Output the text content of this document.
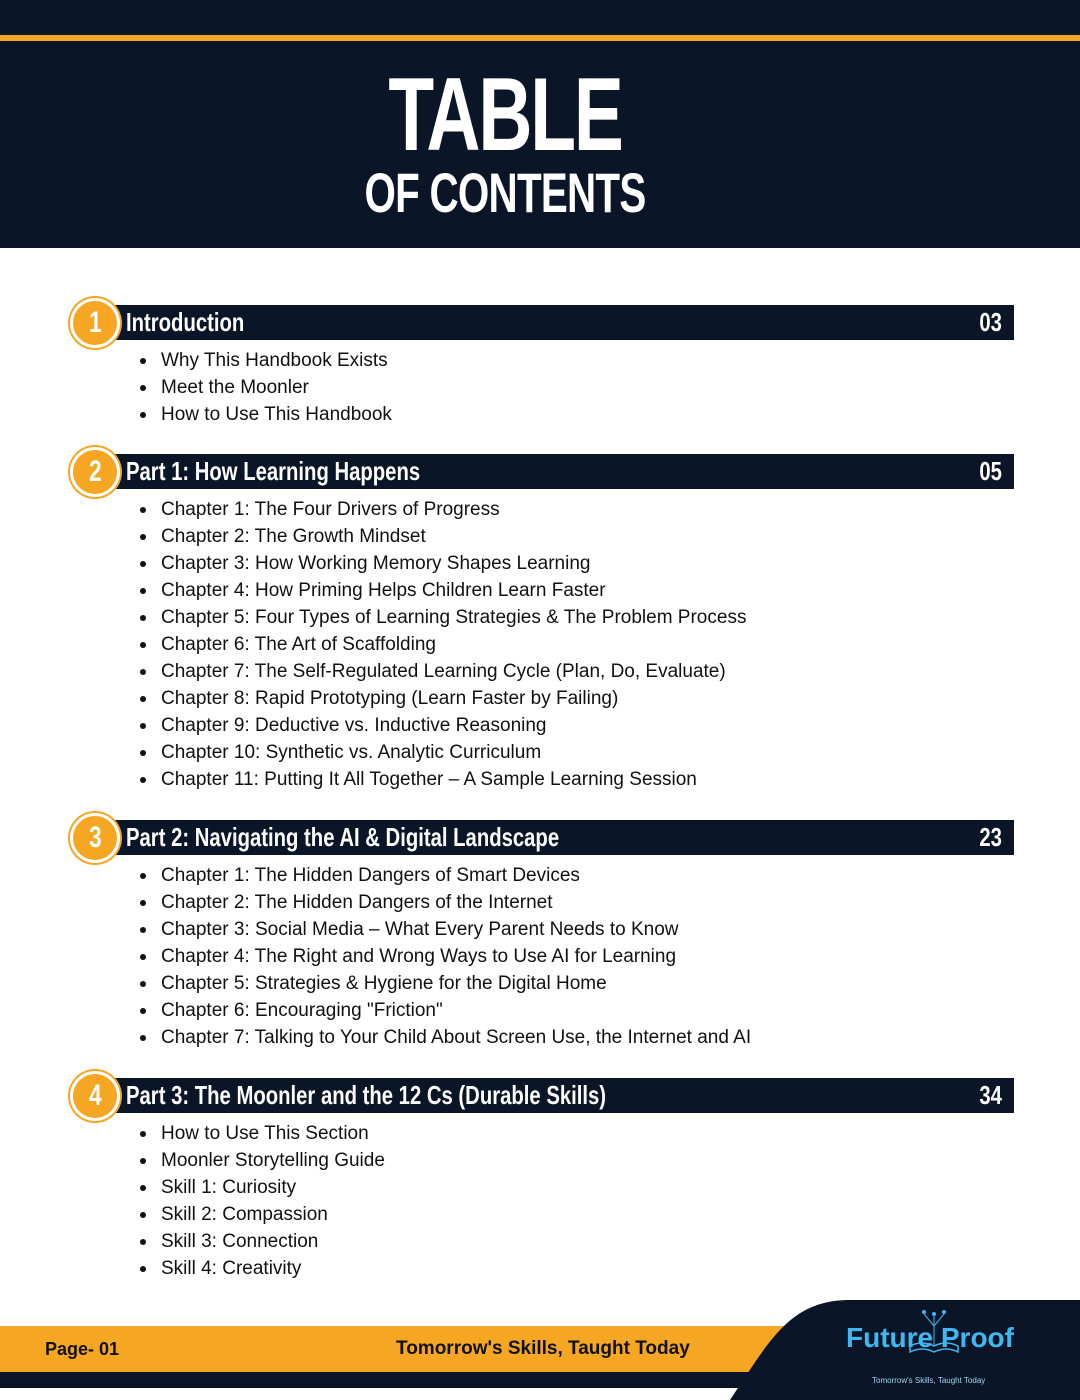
TABLE
OF CONTENTS
Introduction	03
1
Why This Handbook Exists
Meet the Moonler
How to Use This Handbook
Part 1: How Learning Happens	05
2
Chapter 1: The Four Drivers of Progress
Chapter 2: The Growth Mindset
Chapter 3: How Working Memory Shapes Learning
Chapter 4: How Priming Helps Children Learn Faster
Chapter 5: Four Types of Learning Strategies & The Problem Process
Chapter 6: The Art of Scaffolding
Chapter 7: The Self-Regulated Learning Cycle (Plan, Do, Evaluate)
Chapter 8: Rapid Prototyping (Learn Faster by Failing)
Chapter 9: Deductive vs. Inductive Reasoning
Chapter 10: Synthetic vs. Analytic Curriculum
Chapter 11: Putting It All Together – A Sample Learning Session
Part 2: Navigating the AI & Digital Landscape	23
3
Chapter 1: The Hidden Dangers of Smart Devices
Chapter 2: The Hidden Dangers of the Internet
Chapter 3: Social Media – What Every Parent Needs to Know
Chapter 4: The Right and Wrong Ways to Use AI for Learning
Chapter 5: Strategies & Hygiene for the Digital Home
Chapter 6: Encouraging "Friction"
Chapter 7: Talking to Your Child About Screen Use, the Internet and AI
Part 3: The Moonler and the 12 Cs (Durable Skills)	34
4
How to Use This Section
Moonler Storytelling Guide
Skill 1: Curiosity
Skill 2: Compassion
Skill 3: Connection
Skill 4: Creativity
Page- 01	Tomorrow's Skills, Taught Today	Future Proof
Tomorrow's Skills, Taught Today
